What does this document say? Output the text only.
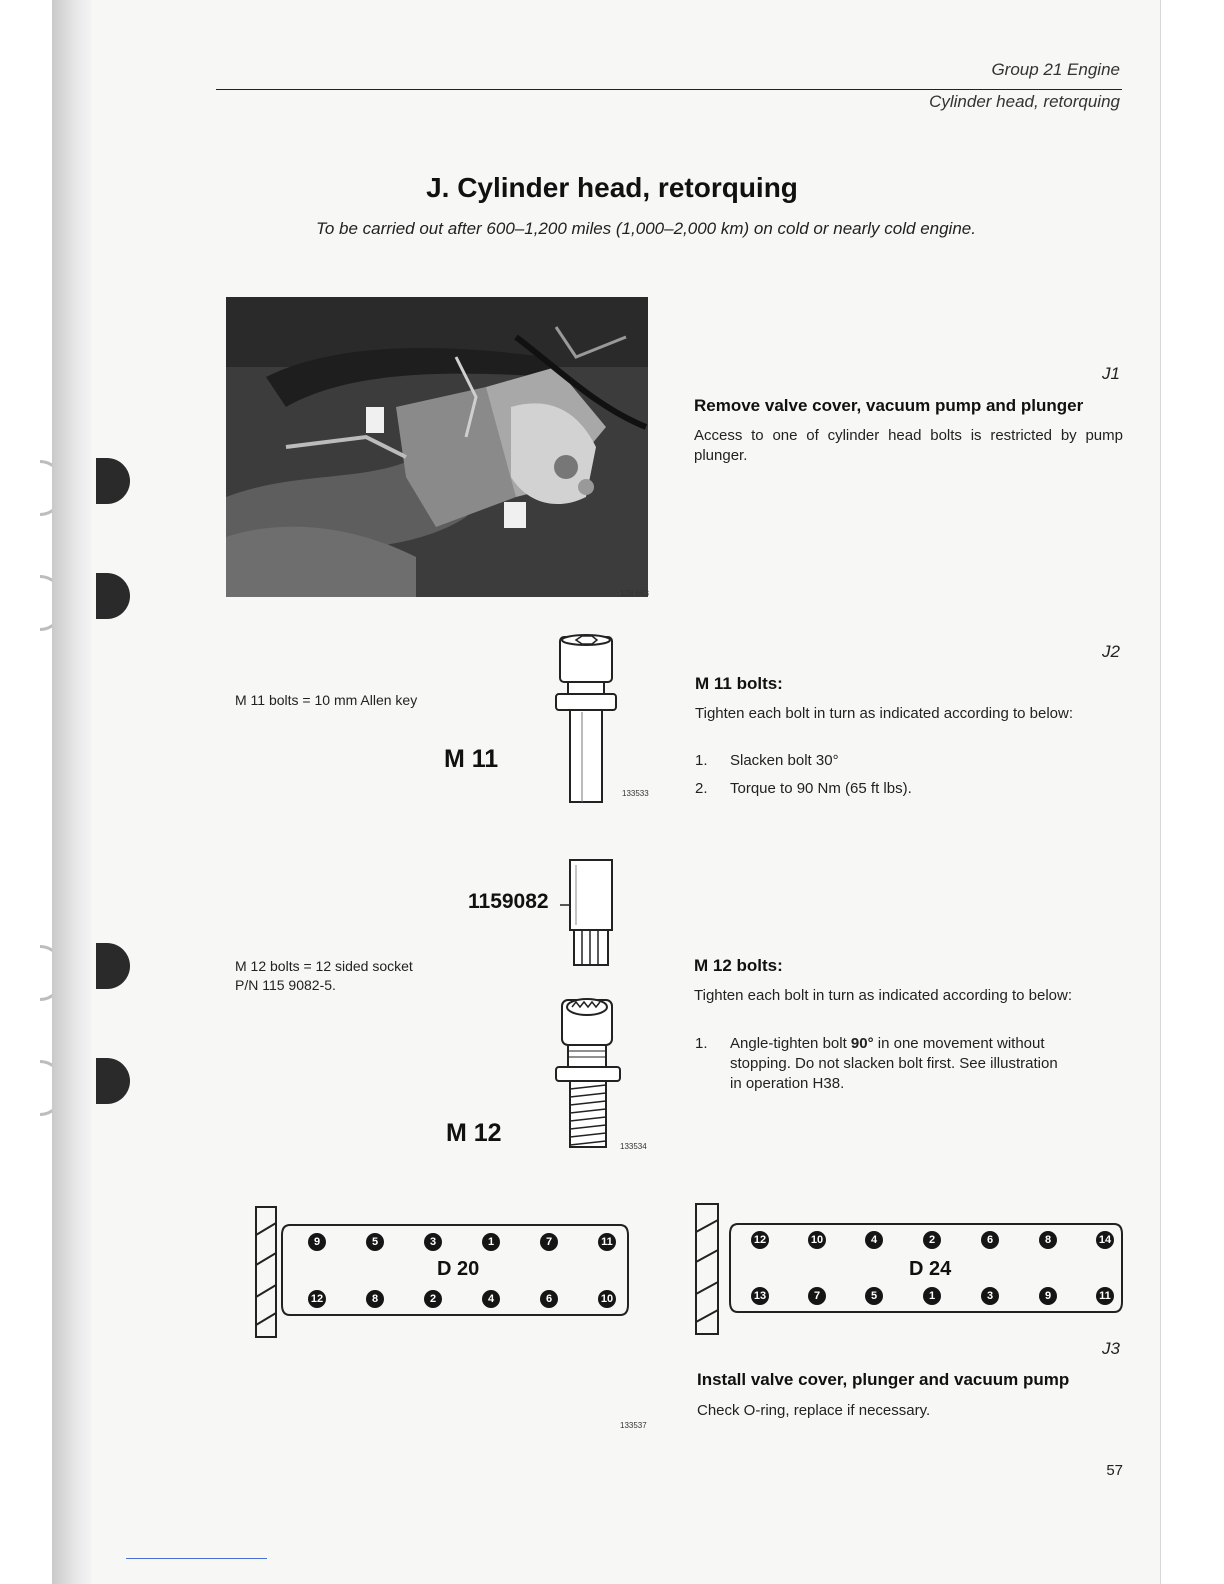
Group 21 Engine
Cylinder head, retorquing
J. Cylinder head, retorquing
To be carried out after 600–1,200 miles (1,000–2,000 km) on cold or nearly cold engine.
128 663
J1
Remove valve cover, vacuum pump and plunger
Access to one of cylinder head bolts is restricted by pump plunger.
M 11 bolts = 10 mm Allen key
M 11
133533
1159082
M 12 bolts = 12 sided socket
P/N 115 9082-5.
M 12	133534
J2
M 11 bolts:
Tighten each bolt in turn as indicated according to below:
1. Slacken bolt 30°
2. Torque to 90 Nm (65 ft lbs).
M 12 bolts:
Tighten each bolt in turn as indicated according to below:
1. Angle-tighten bolt 90° in one movement without
stopping. Do not slacken bolt first. See illustration
in operation H38.
D 20
9	5	3	1	7	11
12	8	2	4	6	10
D 24
12	10	4	2	6	8	14
13	7	5	1	3	9	11
J3
Install valve cover, plunger and vacuum pump
Check O-ring, replace if necessary.
133537
57
